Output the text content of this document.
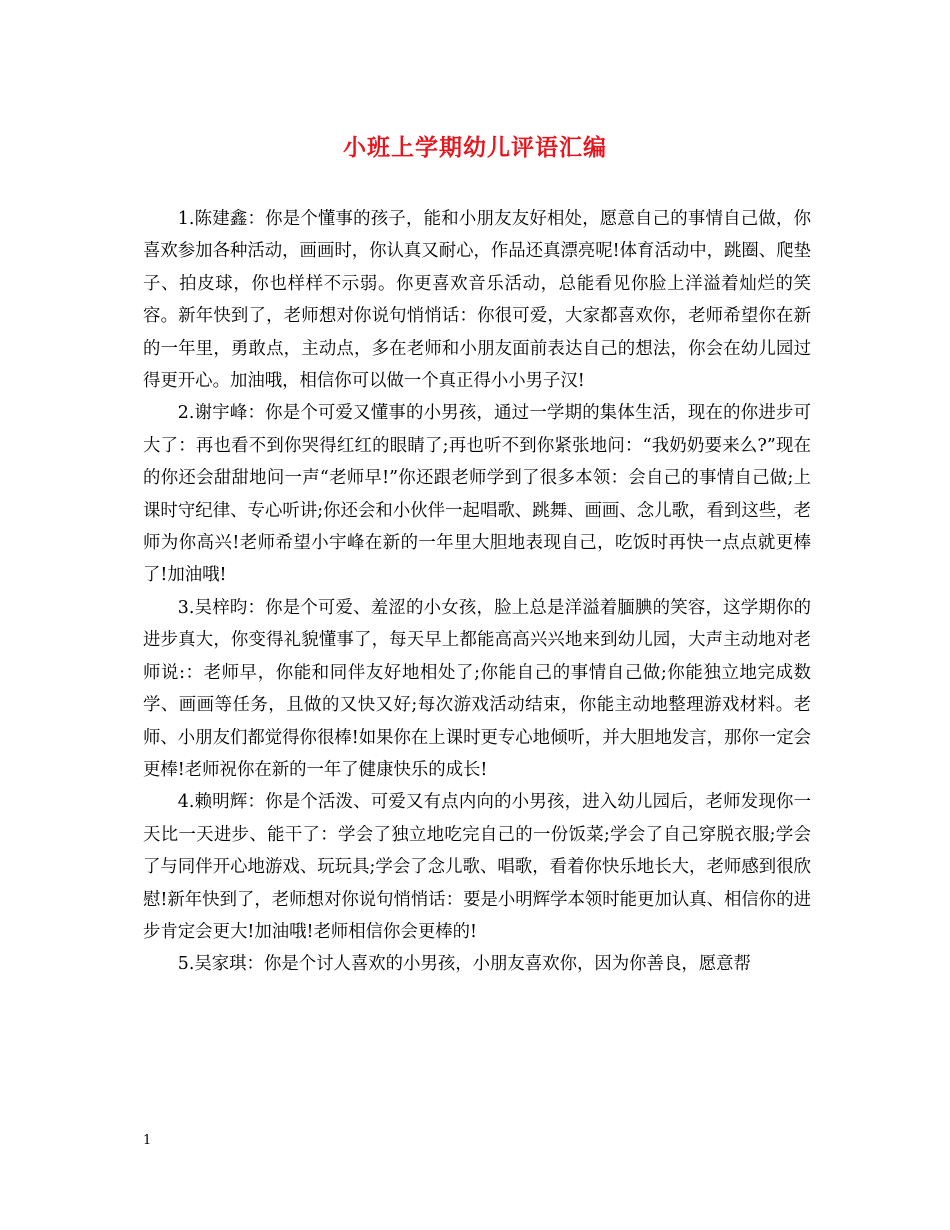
小班上学期幼儿评语汇编

1.陈建鑫：你是个懂事的孩子，能和小朋友友好相处，愿意自己的事情自己做，你喜欢参加各种活动，画画时，你认真又耐心，作品还真漂亮呢!体育活动中，跳圈、爬垫子、拍皮球，你也样样不示弱。你更喜欢音乐活动，总能看见你脸上洋溢着灿烂的笑容。新年快到了，老师想对你说句悄悄话：你很可爱，大家都喜欢你，老师希望你在新的一年里，勇敢点，主动点，多在老师和小朋友面前表达自己的想法，你会在幼儿园过得更开心。加油哦，相信你可以做一个真正得小小男子汉!

2.谢宇峰：你是个可爱又懂事的小男孩，通过一学期的集体生活，现在的你进步可大了：再也看不到你哭得红红的眼睛了;再也听不到你紧张地问：“我奶奶要来么?”现在的你还会甜甜地问一声“老师早!”你还跟老师学到了很多本领：会自己的事情自己做;上课时守纪律、专心听讲;你还会和小伙伴一起唱歌、跳舞、画画、念儿歌，看到这些，老师为你高兴!老师希望小宇峰在新的一年里大胆地表现自己，吃饭时再快一点点就更棒了!加油哦!

3.吴梓昀：你是个可爱、羞涩的小女孩，脸上总是洋溢着腼腆的笑容，这学期你的进步真大，你变得礼貌懂事了，每天早上都能高高兴兴地来到幼儿园，大声主动地对老师说:：老师早，你能和同伴友好地相处了;你能自己的事情自己做;你能独立地完成数学、画画等任务，且做的又快又好;每次游戏活动结束，你能主动地整理游戏材料。老师、小朋友们都觉得你很棒!如果你在上课时更专心地倾听，并大胆地发言，那你一定会更棒!老师祝你在新的一年了健康快乐的成长!

4.赖明辉：你是个活泼、可爱又有点内向的小男孩，进入幼儿园后，老师发现你一天比一天进步、能干了：学会了独立地吃完自己的一份饭菜;学会了自己穿脱衣服;学会了与同伴开心地游戏、玩玩具;学会了念儿歌、唱歌，看着你快乐地长大，老师感到很欣慰!新年快到了，老师想对你说句悄悄话：要是小明辉学本领时能更加认真、相信你的进步肯定会更大!加油哦!老师相信你会更棒的!

5.吴家琪：你是个讨人喜欢的小男孩，小朋友喜欢你，因为你善良，愿意帮

1
